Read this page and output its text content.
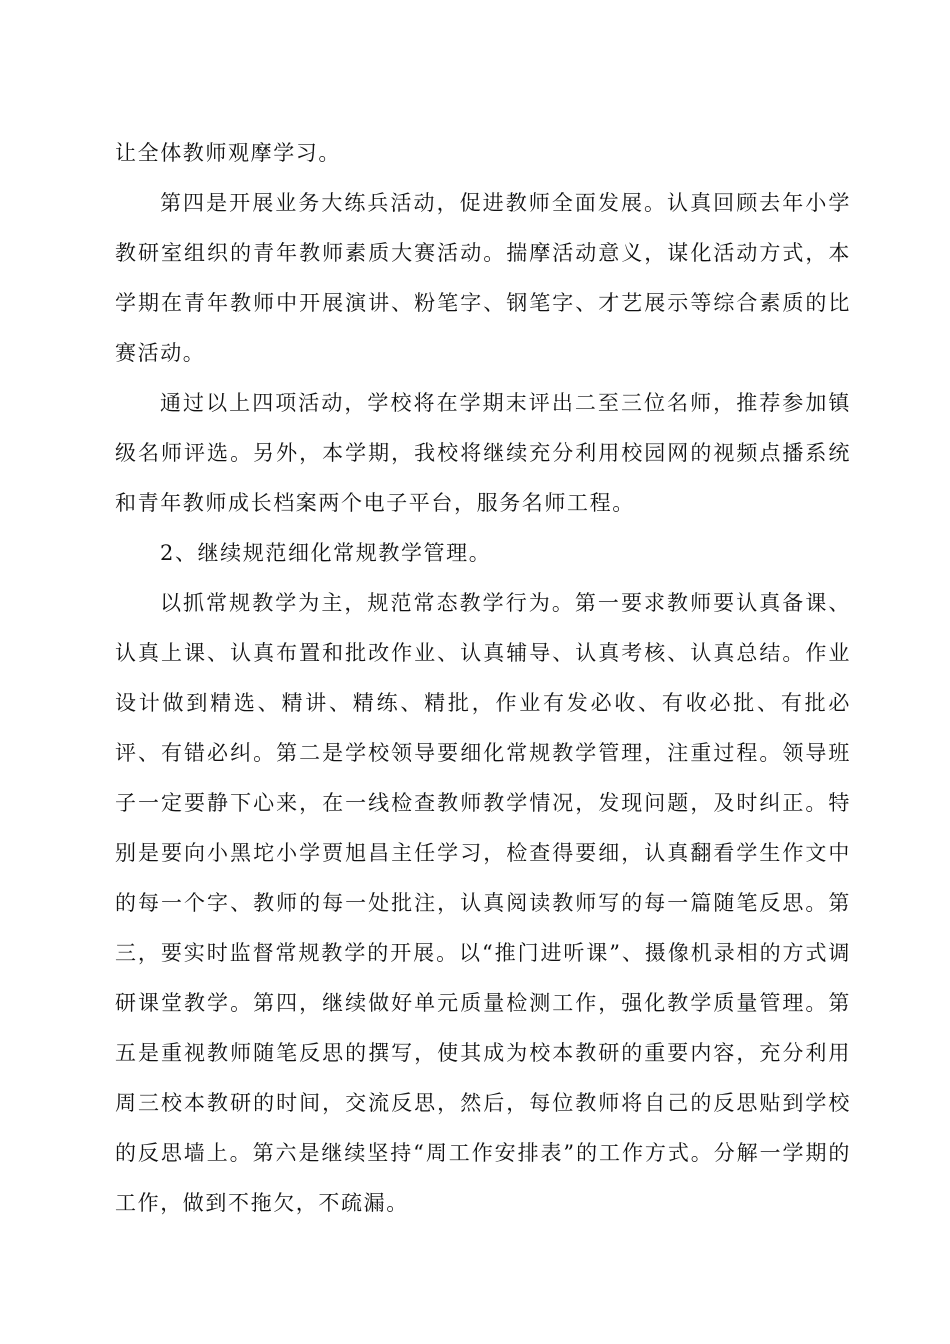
让全体教师观摩学习。

第四是开展业务大练兵活动，促进教师全面发展。认真回顾去年小学教研室组织的青年教师素质大赛活动。揣摩活动意义，谋化活动方式，本学期在青年教师中开展演讲、粉笔字、钢笔字、才艺展示等综合素质的比赛活动。

通过以上四项活动，学校将在学期末评出二至三位名师，推荐参加镇级名师评选。另外，本学期，我校将继续充分利用校园网的视频点播系统和青年教师成长档案两个电子平台，服务名师工程。

2、继续规范细化常规教学管理。

以抓常规教学为主，规范常态教学行为。第一要求教师要认真备课、认真上课、认真布置和批改作业、认真辅导、认真考核、认真总结。作业设计做到精选、精讲、精练、精批，作业有发必收、有收必批、有批必评、有错必纠。第二是学校领导要细化常规教学管理，注重过程。领导班子一定要静下心来，在一线检查教师教学情况，发现问题，及时纠正。特别是要向小黑坨小学贾旭昌主任学习，检查得要细，认真翻看学生作文中的每一个字、教师的每一处批注，认真阅读教师写的每一篇随笔反思。第三，要实时监督常规教学的开展。以“推门进听课”、摄像机录相的方式调研课堂教学。第四，继续做好单元质量检测工作，强化教学质量管理。第五是重视教师随笔反思的撰写，使其成为校本教研的重要内容，充分利用周三校本教研的时间，交流反思，然后，每位教师将自己的反思贴到学校的反思墙上。第六是继续坚持“周工作安排表”的工作方式。分解一学期的工作，做到不拖欠，不疏漏。
